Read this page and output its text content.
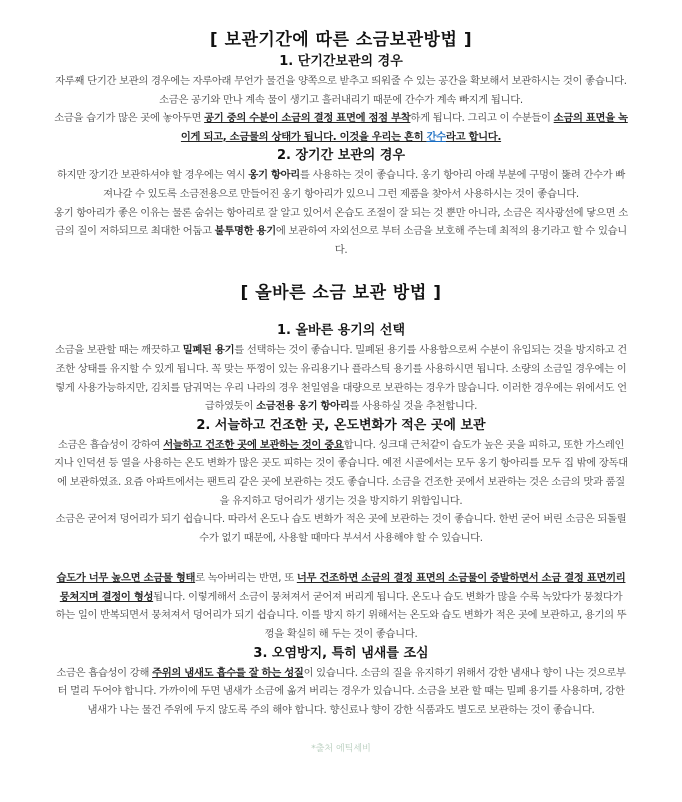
[ 보관기간에 따른 소금보관방법 ]
1. 단기간보관의 경우

자루째 단기간 보관의 경우에는 자루아래 무언가 물건을 양쪽으로 받추고 띄워줄 수 있는 공간을 확보해서 보관하시는 것이 좋습니다. 소금은 공기와 만나 계속 물이 생기고 흘러내리기 때문에 간수가 계속 빠지게 됩니다.

소금을 습기가 많은 곳에 놓아두면 공기 중의 수분이 소금의 결정 표면에 점점 부착하게 됩니다. 그리고 이 수분들이 소금의 표면을 녹이게 되고, 소금물의 상태가 됩니다. 이것을 우리는 흔히 간수라고 합니다.

2. 장기간 보관의 경우

하지만 장기간 보관하셔야 할 경우에는 역시 옹기 항아리를 사용하는 것이 좋습니다. 옹기 항아리 아래 부분에 구멍이 뚫려 간수가 빠져나갈 수 있도록 소금전용으로 만들어진 옹기 항아리가 있으니 그런 제품을 찾아서 사용하시는 것이 좋습니다.

옹기 항아리가 좋은 이유는 물론 숨쉬는 항아리로 잘 알고 있어서 온습도 조절이 잘 되는 것 뿐만 아니라, 소금은 직사광선에 닿으면 소금의 질이 저하되므로 최대한 어둡고 불투명한 용기에 보관하여 자외선으로 부터 소금을 보호해 주는데 최적의 용기라고 할 수 있습니다.

[ 올바른 소금 보관 방법 ]
1. 올바른 용기의 선택

소금을 보관할 때는 깨끗하고 밀폐된 용기를 선택하는 것이 좋습니다. 밀폐된 용기를 사용함으로써 수분이 유입되는 것을 방지하고 건조한 상태를 유지할 수 있게 됩니다. 꼭 맞는 뚜껑이 있는 유리용기나 플라스틱 용기를 사용하시면 됩니다. 소량의 소금일 경우에는 이렇게 사용가능하지만, 김치를 담궈먹는 우리 나라의 경우 천일염을 대량으로 보관하는 경우가 많습니다. 이러한 경우에는 위에서도 언급하였듯이 소금전용 옹기 항아리를 사용하실 것을 추천합니다.

2. 서늘하고 건조한 곳, 온도변화가 적은 곳에 보관

소금은 흡습성이 강하여 서늘하고 건조한 곳에 보관하는 것이 중요합니다. 싱크대 근처같이 습도가 높은 곳을 피하고, 또한 가스레인지나 인덕션 등 열을 사용하는 온도 변화가 많은 곳도 피하는 것이 좋습니다. 예전 시골에서는 모두 옹기 항아리를 모두 집 밖에 장독대에 보관하였죠. 요즘 아파트에서는 팬트리 같은 곳에 보관하는 것도 좋습니다. 소금을 건조한 곳에서 보관하는 것은 소금의 맛과 품질을 유지하고 덩어리가 생기는 것을 방지하기 위함입니다.

소금은 굳어져 덩어리가 되기 쉽습니다. 따라서 온도나 습도 변화가 적은 곳에 보관하는 것이 좋습니다. 한번 굳어 버린 소금은 되돌릴 수가 없기 때문에, 사용할 때마다 부셔서 사용해야 할 수 있습니다.

습도가 너무 높으면 소금물 형태로 녹아버리는 반면, 또 너무 건조하면 소금의 결정 표면의 소금물이 증발하면서 소금 결정 표면끼리 뭉쳐지며 결정이 형성됩니다. 이렇게해서 소금이 뭉쳐져서 굳어져 버리게 됩니다. 온도나 습도 변화가 많을 수록 녹았다가 뭉쳤다가 하는 일이 반복되면서 뭉쳐져서 덩어리가 되기 쉽습니다. 이를 방지 하기 위해서는 온도와 습도 변화가 적은 곳에 보관하고, 용기의 뚜껑을 확실히 해 두는 것이 좋습니다.

3. 오염방지, 특히 냄새를 조심

소금은 흡습성이 강해 주위의 냄새도 흡수를 잘 하는 성질이 있습니다. 소금의 질을 유지하기 위해서 강한 냄새나 향이 나는 것으로부터 멀리 두어야 합니다. 가까이에 두면 냄새가 소금에 옮겨 버리는 경우가 있습니다. 소금을 보관 할 때는 밀폐 용기를 사용하며, 강한 냄새가 나는 물건 주위에 두지 않도록 주의 해야 합니다. 향신료나 향이 강한 식품과도 별도로 보관하는 것이 좋습니다.

*출처 에틱세비
